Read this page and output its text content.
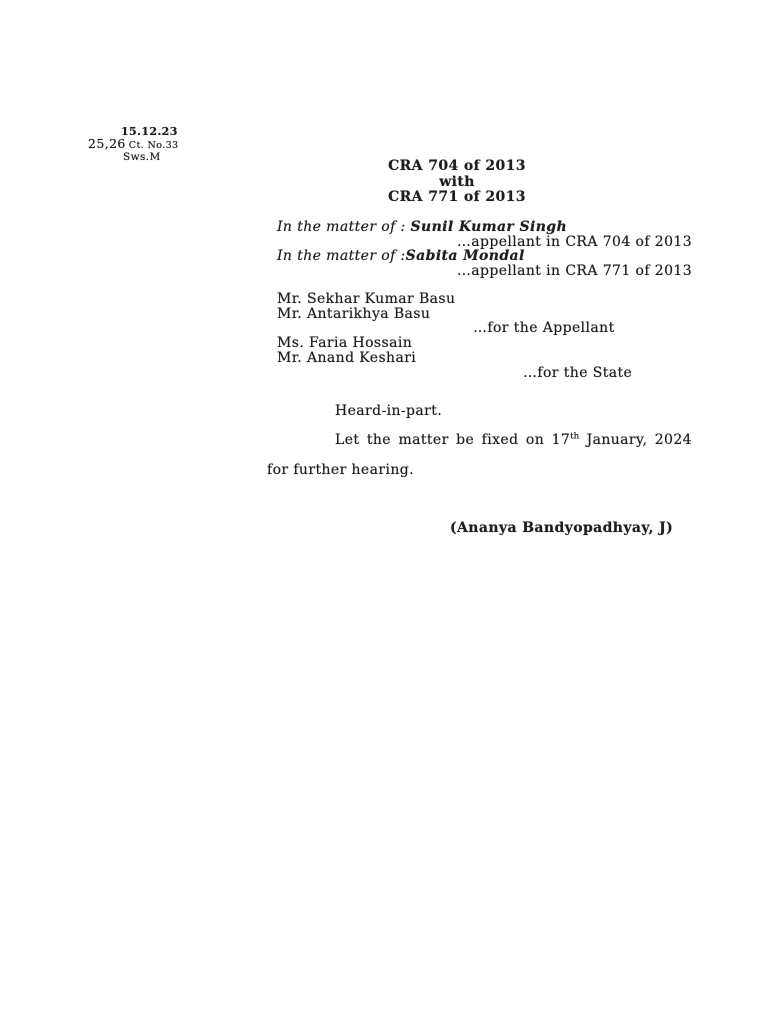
15.12.23
25,26 Ct. No.33
Sws.M
CRA 704 of 2013
with
CRA 771 of 2013
In the matter of : Sunil Kumar Singh
…appellant in CRA 704 of 2013
In the matter of :Sabita Mondal
…appellant in CRA 771 of 2013
Mr. Sekhar Kumar Basu
Mr. Antarikhya Basu
…for the Appellant
Ms. Faria Hossain
Mr. Anand Keshari
…for the State
Heard-in-part.
Let the matter be fixed on 17th January, 2024
for further hearing.
(Ananya Bandyopadhyay, J)
